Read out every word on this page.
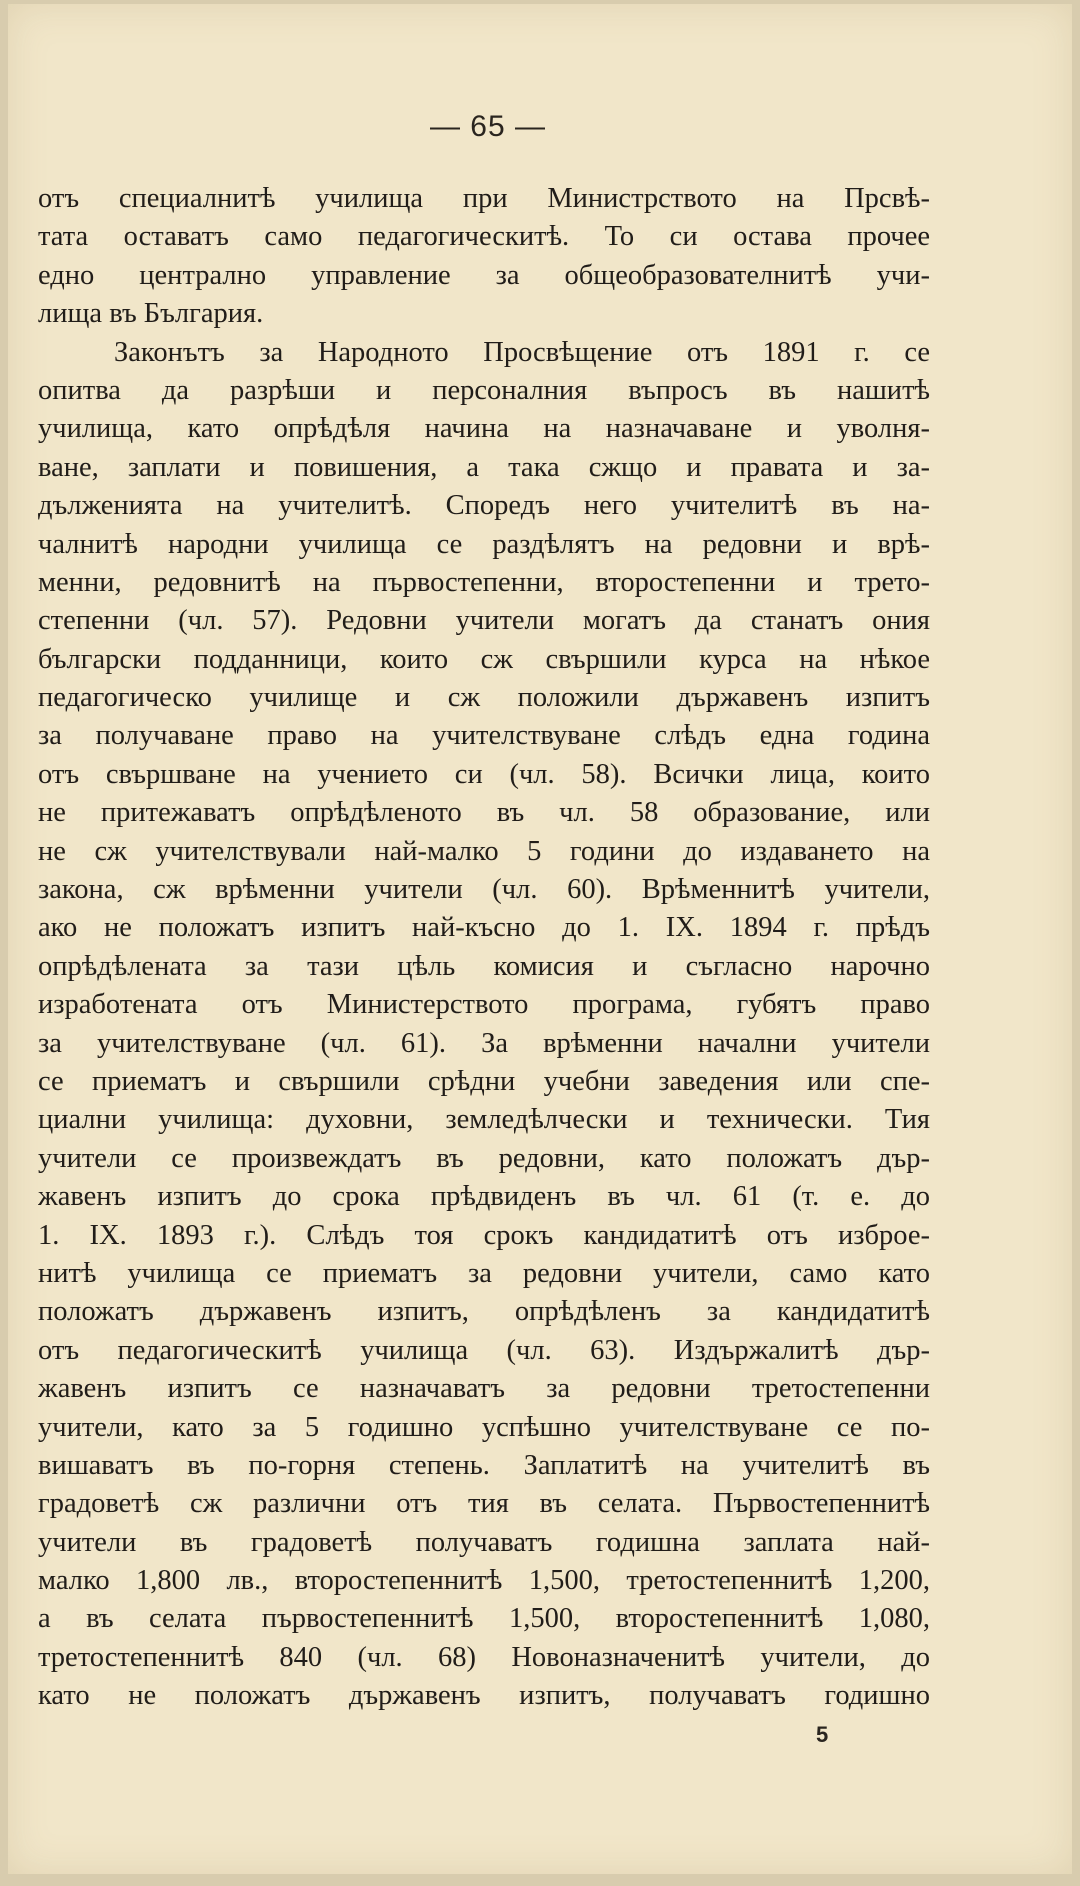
— 65 —
отъ специалнитѣ училища при Министрството на Прсвѣ-
тата оставатъ само педагогическитѣ. То си остава прочее
едно централно управление за общеобразователнитѣ учи-
лища въ България.
Законътъ за Народното Просвѣщение отъ 1891 г. се
опитва да разрѣши и персоналния въпросъ въ нашитѣ
училища, като опрѣдѣля начина на назначаване и уволня-
ване, заплати и повишения, а така сжщо и правата и за-
дълженията на учителитѣ. Споредъ него учителитѣ въ на-
чалнитѣ народни училища се раздѣлятъ на редовни и врѣ-
менни, редовнитѣ на първостепенни, второстепенни и трето-
степенни (чл. 57). Редовни учители могатъ да станатъ ония
български подданници, които сж свършили курса на нѣкое
педагогическо училище и сж положили държавенъ изпитъ
за получаване право на учителствуване слѣдъ една година
отъ свършване на учението си (чл. 58). Всички лица, които
не притежаватъ опрѣдѣленото въ чл. 58 образование, или
не сж учителствували най-малко 5 години до издаването на
закона, сж врѣменни учители (чл. 60). Врѣменнитѣ учители,
ако не положатъ изпитъ най-късно до 1. IX. 1894 г. прѣдъ
опрѣдѣлената за тази цѣль комисия и съгласно нарочно
изработената отъ Министерството програма, губятъ право
за учителствуване (чл. 61). За врѣменни начални учители
се приематъ и свършили срѣдни учебни заведения или спе-
циални училища: духовни, земледѣлчески и технически. Тия
учители се произвеждатъ въ редовни, като положатъ дър-
жавенъ изпитъ до срока прѣдвиденъ въ чл. 61 (т. е. до
1. IX. 1893 г.). Слѣдъ тоя срокъ кандидатитѣ отъ изброе-
нитѣ училища се приематъ за редовни учители, само като
положатъ държавенъ изпитъ, опрѣдѣленъ за кандидатитѣ
отъ педагогическитѣ училища (чл. 63). Издържалитѣ дър-
жавенъ изпитъ се назначаватъ за редовни третостепенни
учители, като за 5 годишно успѣшно учителствуване се по-
вишаватъ въ по-горня степень. Заплатитѣ на учителитѣ въ
градоветѣ сж различни отъ тия въ селата. Първостепеннитѣ
учители въ градоветѣ получаватъ годишна заплата най-
малко 1,800 лв., второстепеннитѣ 1,500, третостепеннитѣ 1,200,
а въ селата първостепеннитѣ 1,500, второстепеннитѣ 1,080,
третостепеннитѣ 840 (чл. 68) Новоназначенитѣ учители, до
като не положатъ държавенъ изпитъ, получаватъ годишно
5
